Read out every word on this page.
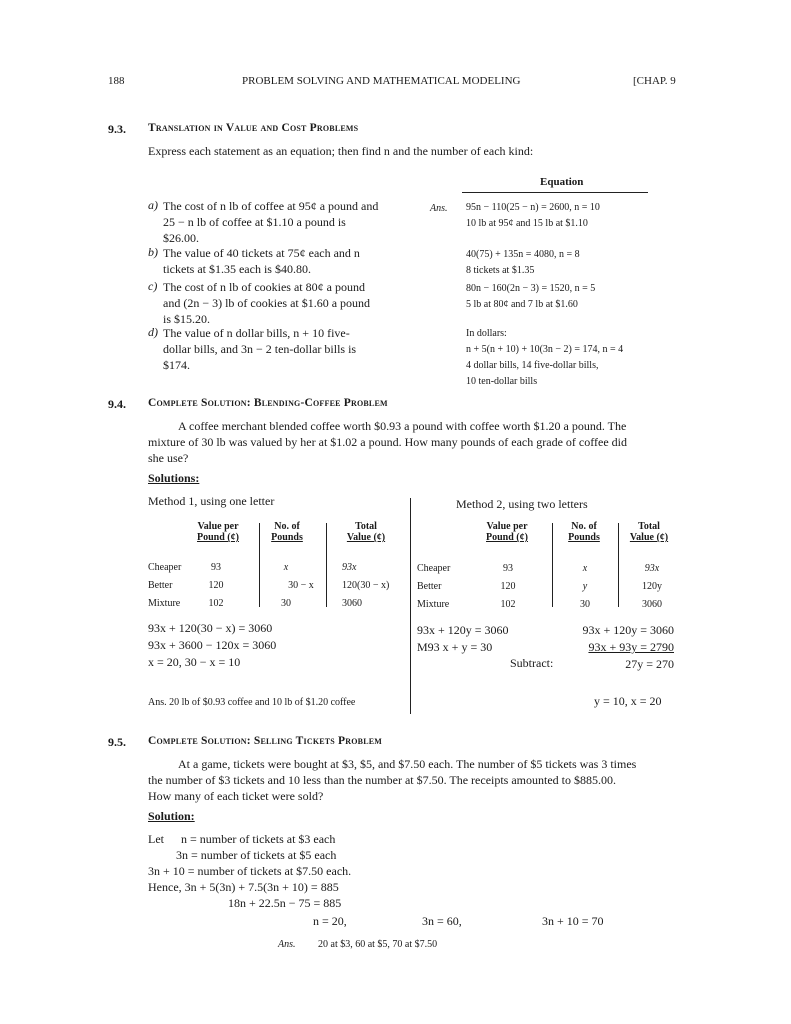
188	PROBLEM SOLVING AND MATHEMATICAL MODELING	[CHAP. 9
9.3. Translation in Value and Cost Problems
Express each statement as an equation; then find n and the number of each kind:
Equation
Ans.
a) The cost of n lb of coffee at 95¢ a pound and
25 − n lb of coffee at $1.10 a pound is
$26.00.
95n − 110(25 − n) = 2600, n = 10
10 lb at 95¢ and 15 lb at $1.10
b) The value of 40 tickets at 75¢ each and n
tickets at $1.35 each is $40.80.
40(75) + 135n = 4080, n = 8
8 tickets at $1.35
c) The cost of n lb of cookies at 80¢ a pound
and (2n − 3) lb of cookies at $1.60 a pound
is $15.20.
80n − 160(2n − 3) = 1520, n = 5
5 lb at 80¢ and 7 lb at $1.60
d) The value of n dollar bills, n + 10 five-
dollar bills, and 3n − 2 ten-dollar bills is
$174.
In dollars:
n + 5(n + 10) + 10(3n − 2) = 174, n = 4
4 dollar bills, 14 five-dollar bills,
10 ten-dollar bills
9.4. Complete Solution: Blending-Coffee Problem
A coffee merchant blended coffee worth $0.93 a pound with coffee worth $1.20 a pound. The
mixture of 30 lb was valued by her at $1.02 a pound. How many pounds of each grade of coffee did
she use?
Solutions:
Method 1, using one letter
Value per
Pound (¢)
No. of
Pounds
Total
Value (¢)
Cheaper	93	x	93x
Better	120	30 − x	120(30 − x)
Mixture	102	30	3060
93x + 120(30 − x) = 3060
93x + 3600 − 120x = 3060
x = 20, 30 − x = 10
Ans. 20 lb of $0.93 coffee and 10 lb of $1.20 coffee
Method 2, using two letters
Value per
Pound (¢)
No. of
Pounds
Total
Value (¢)
Cheaper	93	x	93x
Better	120	y	120y
Mixture	102	30	3060
93x + 120y = 3060
M93 x + y = 30
93x + 120y = 3060
93x + 93y = 2790
27y = 270
Subtract:
y = 10, x = 20
9.5. Complete Solution: Selling Tickets Problem
At a game, tickets were bought at $3, $5, and $7.50 each. The number of $5 tickets was 3 times
the number of $3 tickets and 10 less than the number at $7.50. The receipts amounted to $885.00.
How many of each ticket were sold?
Solution:
Let n = number of tickets at $3 each
3n = number of tickets at $5 each
3n + 10 = number of tickets at $7.50 each.
Hence, 3n + 5(3n) + 7.5(3n + 10) = 885
18n + 22.5n − 75 = 885
n = 20,	3n = 60,	3n + 10 = 70
Ans. 20 at $3, 60 at $5, 70 at $7.50
